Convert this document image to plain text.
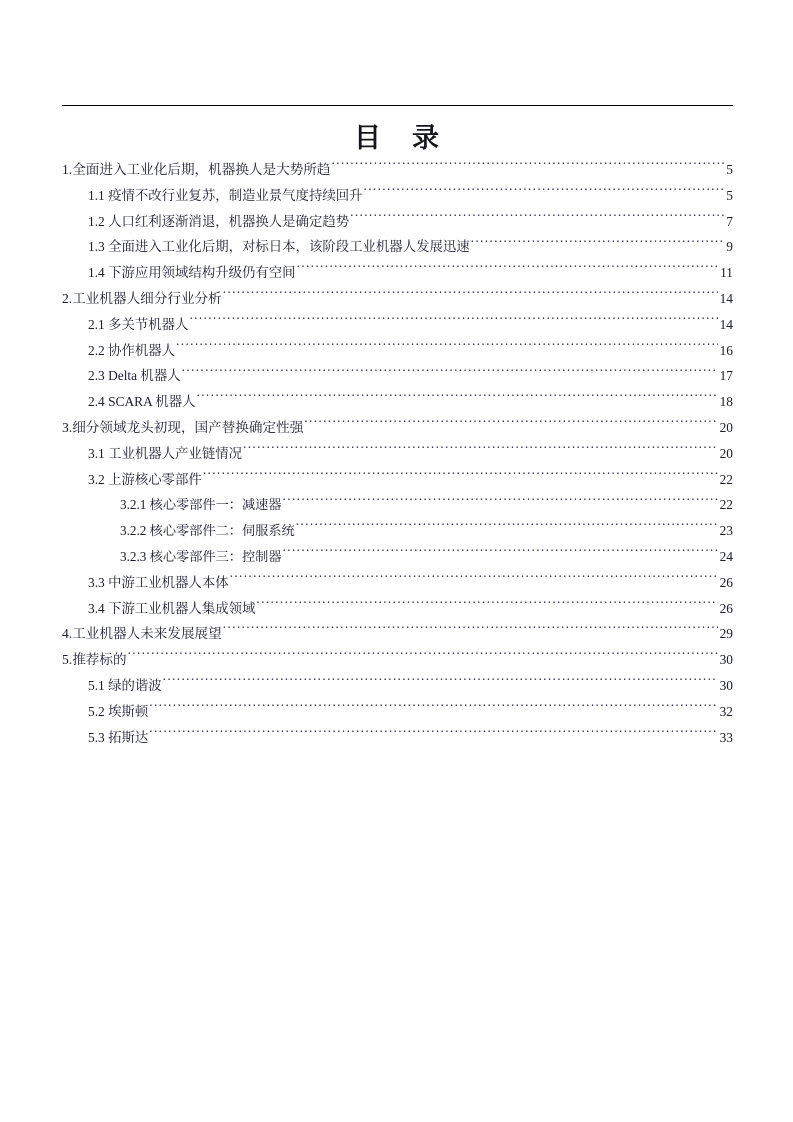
目　录
1.全面进入工业化后期，机器换人是大势所趋 .....	5
1.1 疫情不改行业复苏，制造业景气度持续回升 .....	5
1.2 人口红利逐渐消退，机器换人是确定趋势 .....	7
1.3 全面进入工业化后期，对标日本，该阶段工业机器人发展迅速 .....	9
1.4 下游应用领域结构升级仍有空间 .....	11
2.工业机器人细分行业分析 .....	14
2.1 多关节机器人 .....	14
2.2 协作机器人 .....	16
2.3 Delta 机器人 .....	17
2.4 SCARA 机器人 .....	18
3.细分领域龙头初现，国产替换确定性强 .....	20
3.1 工业机器人产业链情况 .....	20
3.2 上游核心零部件 .....	22
3.2.1 核心零部件一：减速器 .....	22
3.2.2 核心零部件二：伺服系统 .....	23
3.2.3 核心零部件三：控制器 .....	24
3.3 中游工业机器人本体 .....	26
3.4 下游工业机器人集成领域 .....	26
4.工业机器人未来发展展望 .....	29
5.推荐标的 .....	30
5.1 绿的谐波 .....	30
5.2 埃斯顿 .....	32
5.3 拓斯达 .....	33
